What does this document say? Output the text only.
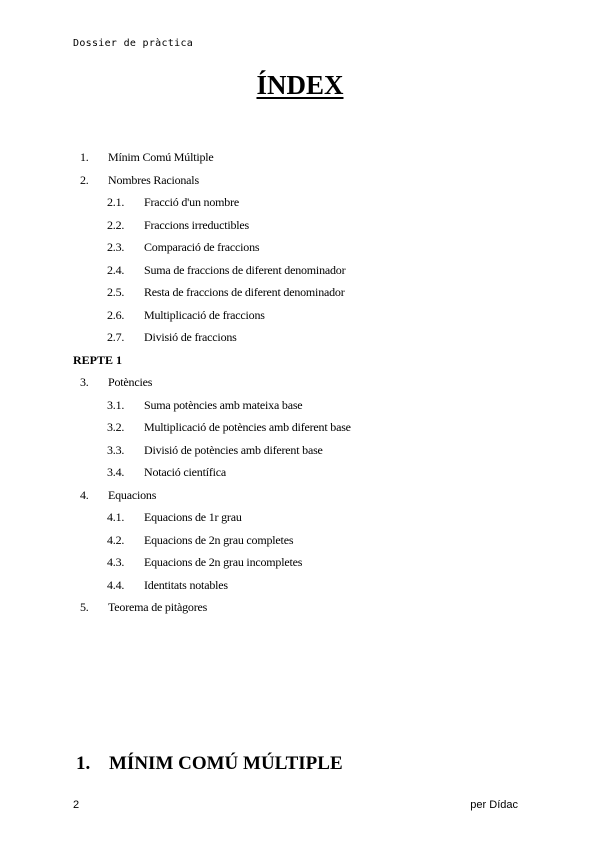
Dossier de pràctica
ÍNDEX
1. Mínim Comú Múltiple
2. Nombres Racionals
2.1. Fracció d'un nombre
2.2. Fraccions irreductibles
2.3. Comparació de fraccions
2.4. Suma de fraccions de diferent denominador
2.5. Resta de fraccions de diferent denominador
2.6. Multiplicació de fraccions
2.7. Divisió de fraccions
REPTE 1
3. Potències
3.1. Suma potències amb mateixa base
3.2. Multiplicació de potències amb diferent base
3.3. Divisió de potències amb diferent base
3.4. Notació científica
4. Equacions
4.1. Equacions de 1r grau
4.2. Equacions de 2n grau completes
4.3. Equacions de 2n grau incompletes
4.4. Identitats notables
5. Teorema de pitàgores
1. MÍNIM COMÚ MÚLTIPLE
2	per Dídac
